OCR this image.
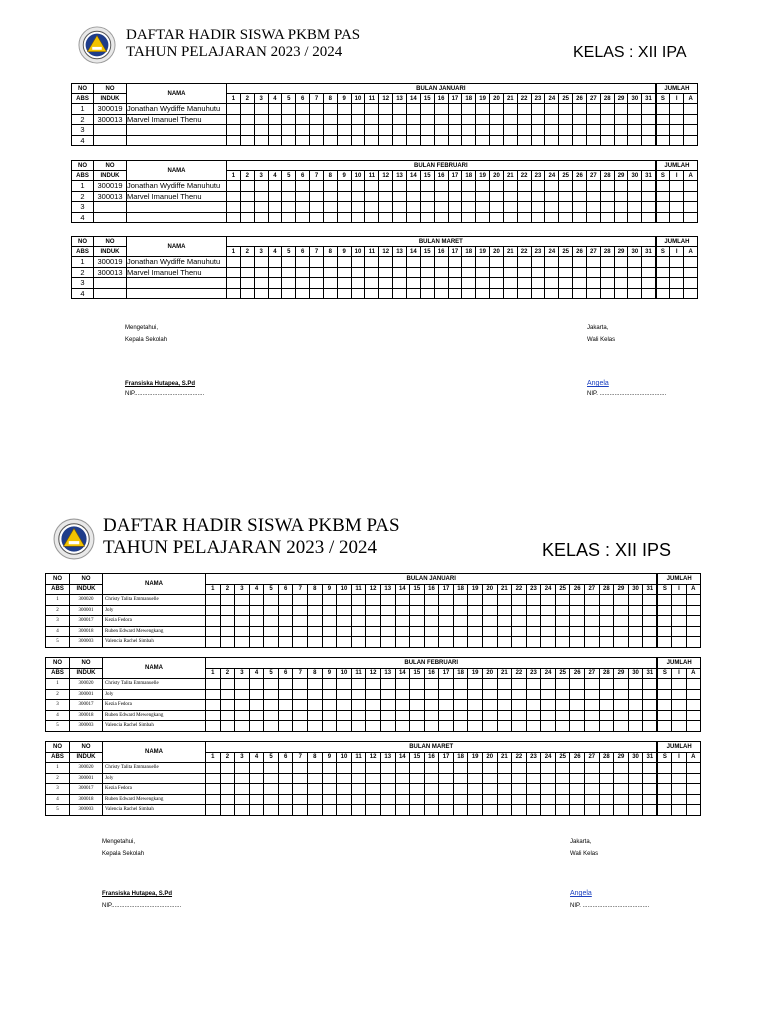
DAFTAR HADIR SISWA PKBM PAS
TAHUN PELAJARAN 2023 / 2024	KELAS : XII IPA
NO	NO	NAMA	BULAN JANUARI																															JUMLAH		
ABS	INDUK		1	2	3	4	5	6	7	8	9	10	11	12	13	14	15	16	17	18	19	20	21	22	23	24	25	26	27	28	29	30	31	S	I	A
1	300019	Jonathan Wydiffe Manuhutu																																		
2	300013	Marvel Imanuel Thenu																																		
3																																				
4																																				
NO	NO	NAMA	BULAN FEBRUARI																															JUMLAH		
ABS	INDUK		1	2	3	4	5	6	7	8	9	10	11	12	13	14	15	16	17	18	19	20	21	22	23	24	25	26	27	28	29	30	31	S	I	A
1	300019	Jonathan Wydiffe Manuhutu																																		
2	300013	Marvel Imanuel Thenu																																		
3																																				
4																																				
NO	NO	NAMA	BULAN MARET																															JUMLAH		
ABS	INDUK		1	2	3	4	5	6	7	8	9	10	11	12	13	14	15	16	17	18	19	20	21	22	23	24	25	26	27	28	29	30	31	S	I	A
1	300019	Jonathan Wydiffe Manuhutu																																		
2	300013	Marvel Imanuel Thenu																																		
3																																				
4																																				
Mengetahui,
Kepala Sekolah
Fransiska Hutapea, S.Pd
NIP..........................................
Jakarta,
Wali Kelas
Angela
NIP. ........................................
DAFTAR HADIR SISWA PKBM PAS
TAHUN PELAJARAN 2023 / 2024	KELAS : XII IPS
NO	NO	NAMA	BULAN JANUARI																															JUMLAH		
ABS	INDUK		1	2	3	4	5	6	7	8	9	10	11	12	13	14	15	16	17	18	19	20	21	22	23	24	25	26	27	28	29	30	31	S	I	A
1	300020	Christy Talita Emmanuelle																																		
2	300001	Joly																																		
3	300017	Kezia Fedora																																		
4	300018	Ruben Edward Mewengkang																																		
5	300003	Valencia Rachel Simbah																																		
NO	NO	NAMA	BULAN FEBRUARI																															JUMLAH		
ABS	INDUK		1	2	3	4	5	6	7	8	9	10	11	12	13	14	15	16	17	18	19	20	21	22	23	24	25	26	27	28	29	30	31	S	I	A
1	300020	Christy Talita Emmanuelle																																		
2	300001	Joly																																		
3	300017	Kezia Fedora																																		
4	300018	Ruben Edward Mewengkang																																		
5	300003	Valencia Rachel Simbah																																		
NO	NO	NAMA	BULAN MARET																															JUMLAH		
ABS	INDUK		1	2	3	4	5	6	7	8	9	10	11	12	13	14	15	16	17	18	19	20	21	22	23	24	25	26	27	28	29	30	31	S	I	A
1	300020	Christy Talita Emmanuelle																																		
2	300001	Joly																																		
3	300017	Kezia Fedora																																		
4	300018	Ruben Edward Mewengkang																																		
5	300003	Valencia Rachel Simbah																																		
Mengetahui,
Kepala Sekolah
Fransiska Hutapea, S.Pd
NIP..........................................
Jakarta,
Wali Kelas
Angela
NIP. ........................................
